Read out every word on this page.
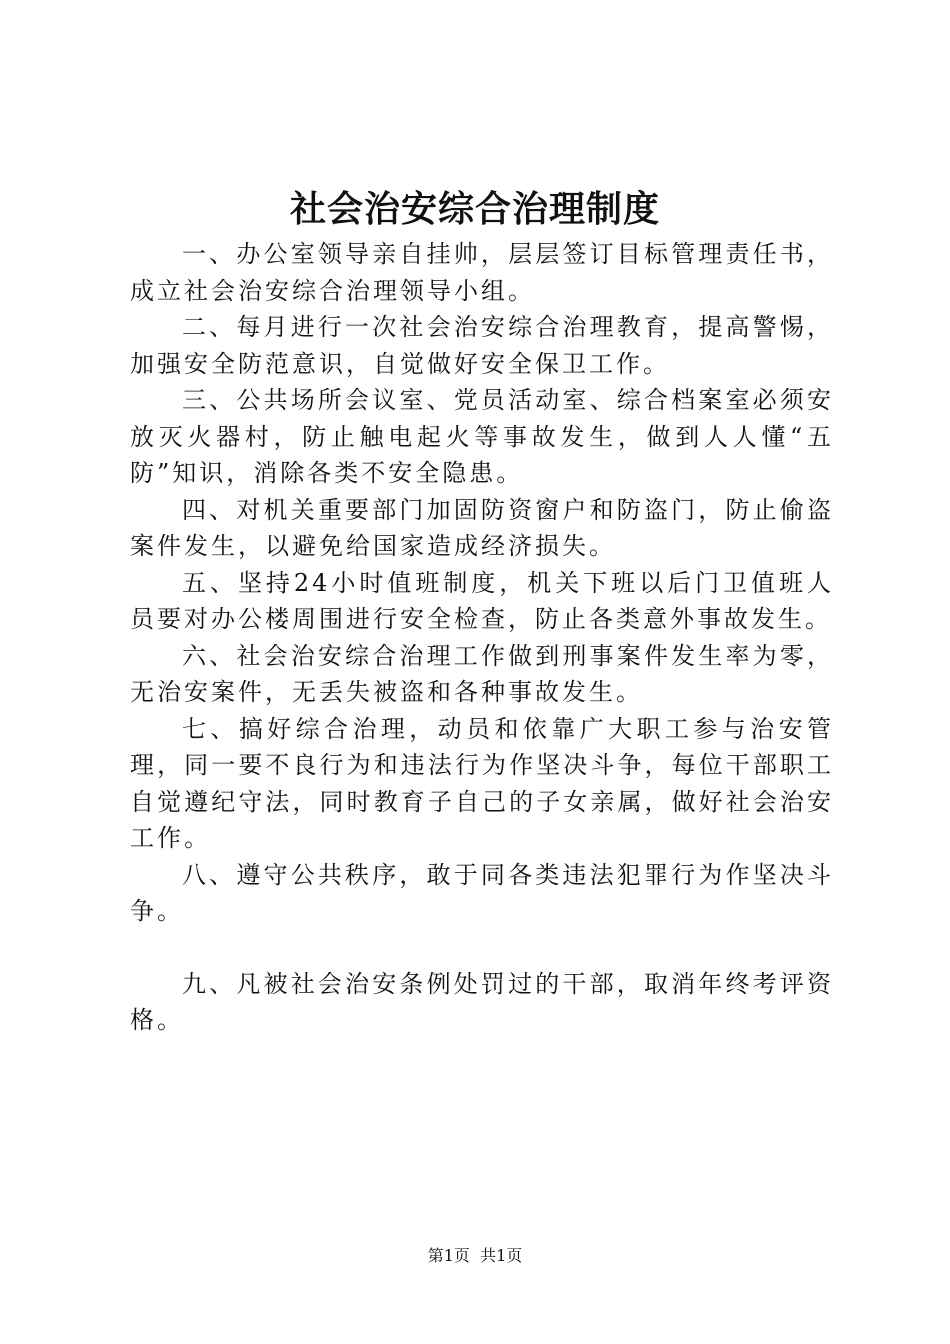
社会治安综合治理制度

一、办公室领导亲自挂帅，层层签订目标管理责任书，成立社会治安综合治理领导小组。

二、每月进行一次社会治安综合治理教育，提高警惕，加强安全防范意识，自觉做好安全保卫工作。

三、公共场所会议室、党员活动室、综合档案室必须安放灭火器村，防止触电起火等事故发生，做到人人懂“五防”知识，消除各类不安全隐患。

四、对机关重要部门加固防资窗户和防盗门，防止偷盗案件发生，以避免给国家造成经济损失。

五、坚持24小时值班制度，机关下班以后门卫值班人员要对办公楼周围进行安全检查，防止各类意外事故发生。

六、社会治安综合治理工作做到刑事案件发生率为零，无治安案件，无丢失被盗和各种事故发生。

七、搞好综合治理，动员和依靠广大职工参与治安管理，同一要不良行为和违法行为作坚决斗争，每位干部职工自觉遵纪守法，同时教育子自己的子女亲属，做好社会治安工作。

八、遵守公共秩序，敢于同各类违法犯罪行为作坚决斗争。

九、凡被社会治安条例处罚过的干部，取消年终考评资格。

第1页 共1页
